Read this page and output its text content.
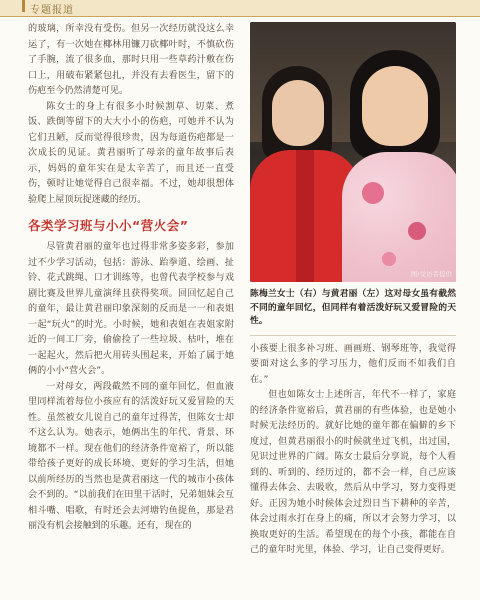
专题报道

的玻璃，所幸没有受伤。但另一次经历就没这么幸运了，有一次她在椰林用镰刀砍椰叶时，不慎砍伤了手腕，流了很多血，那时只用一些草药汁敷在伤口上，用破布紧紧包扎，并没有去看医生，留下的伤疤至今仍然清楚可见。

陈女士的身上有很多小时候割草、切菜、煮饭、跌倒等留下的大大小小的伤疤，可她并不认为它们丑陋，反而觉得很珍贵，因为每道伤疤都是一次成长的见证。黄君丽听了母亲的童年故事后表示，妈妈的童年实在是太辛苦了，而且还一直受伤，顿时让她觉得自己很幸福。不过，她却很想体验爬上屋顶玩捉迷藏的经历。

各类学习班与小小“营火会”

尽管黄君丽的童年也过得非常多姿多彩，参加过不少学习活动，包括：游泳、跆拳道、绘画、扯铃、花式跳绳、口才训练等，也曾代表学校参与戏剧比赛及世界儿童演绎且获得奖项。回回忆起自己的童年，最让黄君丽印象深刻的反而是一一和表姐一起“玩火”的时光。小时候，她和表姐在表姐家附近的一间工厂旁，偷偷捡了一些垃圾、枯叶，堆在一起起火，然后把火用砖头围起来，开始了属于她俩的小小“营火会”。

一对母女，两段截然不同的童年回忆，但血液里同样流着每位小孩应有的活泼好玩又爱冒险的天性。虽然被女儿说自己的童年过得苦，但陈女士却不这么认为。她表示，她俩出生的年代、背景、环境都不一样。现在他们的经济条件宽裕了，所以能带给孩子更好的成长环境、更好的学习生活，但她以前所经历的当然也是黄君丽这一代的城市小孩体会不到的。“以前我们在田里干活时，兄弟姐妹会互相斗嘴、唱歌，有时还会去河塘钓鱼捉鱼，那是君丽没有机会接触到的乐趣。还有，现在的

图/受访者提供
陈梅兰女士（右）与黄君丽（左）这对母女虽有截然不同的童年回忆，但同样有着活泼好玩又爱冒险的天性。

小孩要上很多补习班、画画班、钢琴班等，我觉得要面对这么多的学习压力，他们反而不如我们自在。”

但也如陈女士上述所言，年代不一样了，家庭的经济条件宽裕后，黄君丽的有些体验，也是她小时候无法经历的。就好比她的童年都在偏僻的乡下度过，但黄君丽很小的时候就坐过飞机，出过国，见识过世界的广阔。陈女士最后分享说，每个人看到的、听到的、经历过的，都不会一样，自己应该懂得去体会、去吸收，然后从中学习，努力变得更好。正因为她小时候体会过烈日当下耕种的辛苦，体会过雨水打在身上的痛，所以才会努力学习，以换取更好的生活。希望现在的每个小孩，都能在自己的童年时光里，体验、学习，让自己变得更好。
